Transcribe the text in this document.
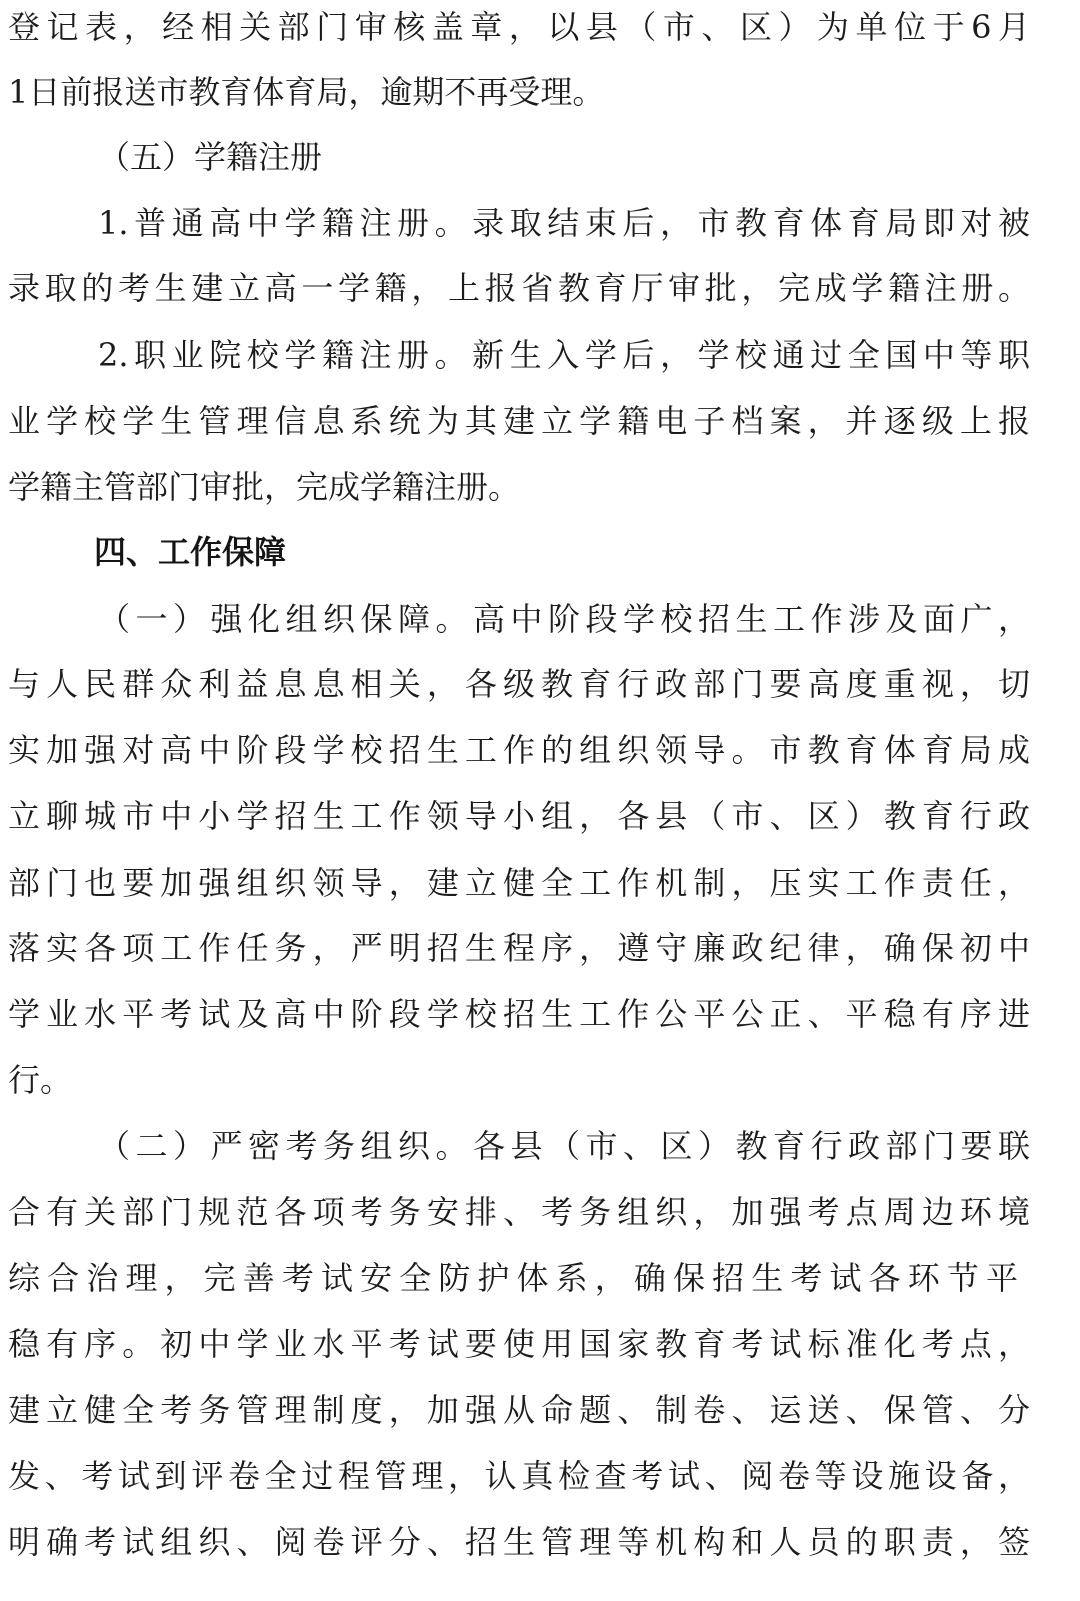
登记表，经相关部门审核盖章，以县（市、区）为单位于6月
1日前报送市教育体育局，逾期不再受理。
（五）学籍注册
1.普通高中学籍注册。录取结束后，市教育体育局即对被
录取的考生建立高一学籍，上报省教育厅审批，完成学籍注册。
2.职业院校学籍注册。新生入学后，学校通过全国中等职
业学校学生管理信息系统为其建立学籍电子档案，并逐级上报
学籍主管部门审批，完成学籍注册。
四、工作保障
（一）强化组织保障。高中阶段学校招生工作涉及面广，
与人民群众利益息息相关，各级教育行政部门要高度重视，切
实加强对高中阶段学校招生工作的组织领导。市教育体育局成
立聊城市中小学招生工作领导小组，各县（市、区）教育行政
部门也要加强组织领导，建立健全工作机制，压实工作责任，
落实各项工作任务，严明招生程序，遵守廉政纪律，确保初中
学业水平考试及高中阶段学校招生工作公平公正、平稳有序进
行。
（二）严密考务组织。各县（市、区）教育行政部门要联
合有关部门规范各项考务安排、考务组织，加强考点周边环境
综合治理，完善考试安全防护体系，确保招生考试各环节平
稳有序。初中学业水平考试要使用国家教育考试标准化考点，
建立健全考务管理制度，加强从命题、制卷、运送、保管、分
发、考试到评卷全过程管理，认真检查考试、阅卷等设施设备，
明确考试组织、阅卷评分、招生管理等机构和人员的职责，签
